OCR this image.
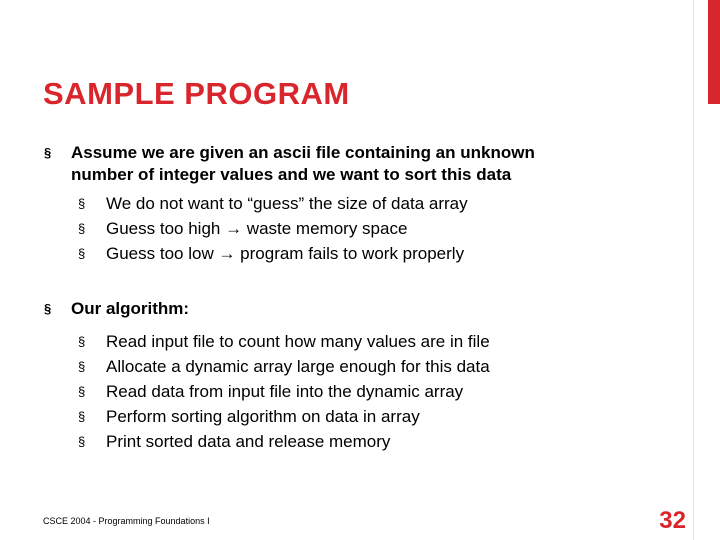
SAMPLE PROGRAM
§ Assume we are given an ascii file containing an unknown
number of integer values and we want to sort this data
§ We do not want to “guess” the size of data array
§ Guess too high → waste memory space
§ Guess too low → program fails to work properly
§ Our algorithm:
§ Read input file to count how many values are in file
§ Allocate a dynamic array large enough for this data
§ Read data from input file into the dynamic array
§ Perform sorting algorithm on data in array
§ Print sorted data and release memory
CSCE 2004 - Programming Foundations I	32
